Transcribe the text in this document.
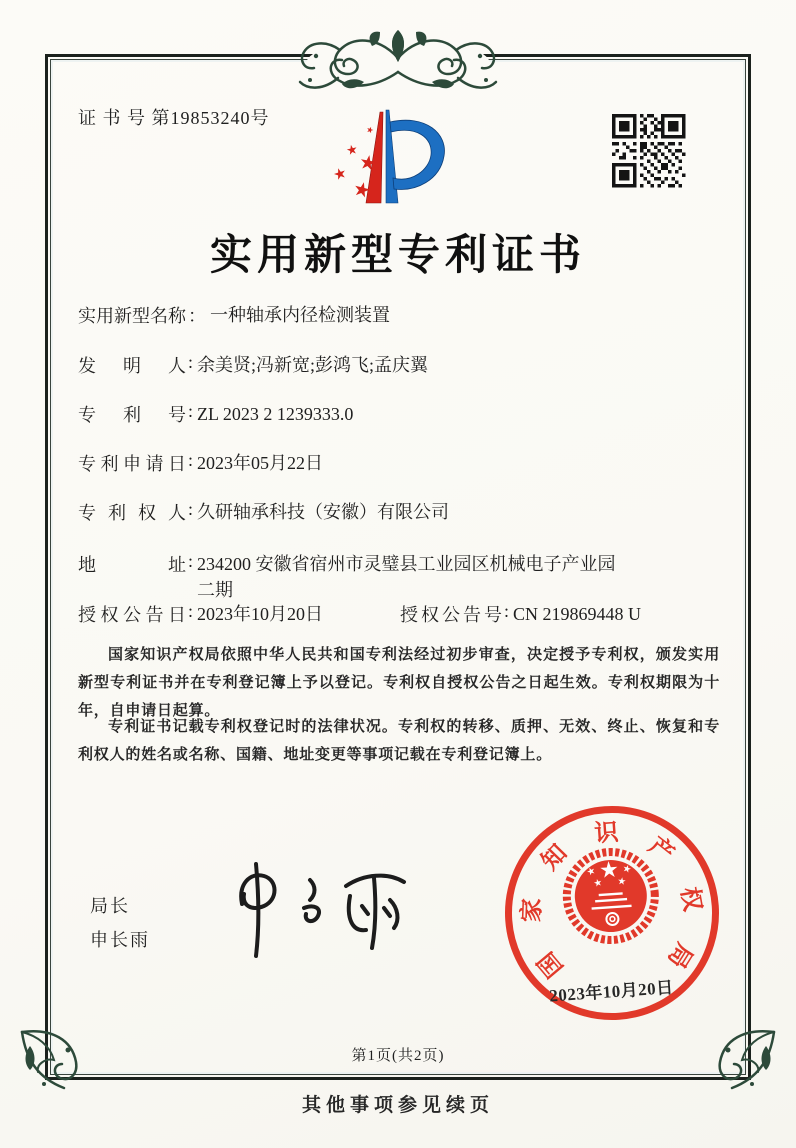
证 书 号 第19853240号
实用新型专利证书
实用新型名称 ： 一种轴承内径检测装置
发明人 : 余美贤;冯新宽;彭鸿飞;孟庆翼
专利号 : ZL 2023 2 1239333.0
专利申请日 : 2023年05月22日
专利权人 : 久研轴承科技（安徽）有限公司
地址 : 234200 安徽省宿州市灵璧县工业园区机械电子产业园
二期
授权公告日 : 2023年10月20日	授权公告号 : CN 219869448 U

国家知识产权局依照中华人民共和国专利法经过初步审查，决定授予专利权，颁发实用新型专利证书并在专利登记簿上予以登记。专利权自授权公告之日起生效。专利权期限为十年，自申请日起算。

专利证书记载专利权登记时的法律状况。专利权的转移、质押、无效、终止、恢复和专利权人的姓名或名称、国籍、地址变更等事项记载在专利登记簿上。

局长
申长雨
国
家
知
识 产
权
局
2023年10月20日
第1页(共2页)
其他事项参见续页
